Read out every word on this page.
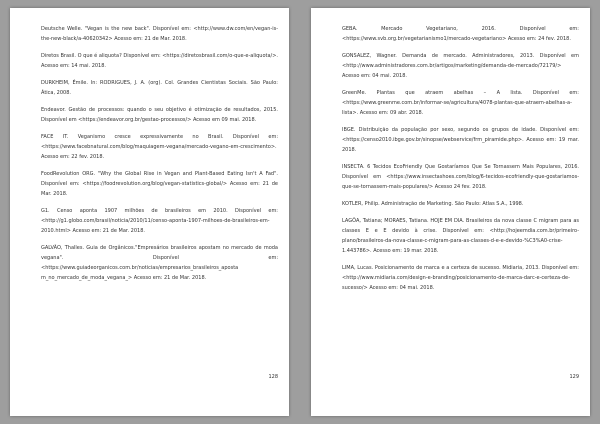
Deutsche Welle. "Vegan is the new back". Disponível em: <http://www.dw.com/en/vegan-is-the-new-black/a-40620342> Acesso em: 21 de Mar. 2018.

Diretos Brasil. O que é aliquota? Disponível em: <https://diretosbrasil.com/o-que-e-aliquota/>. Acesso em: 14 mai. 2018.

DURKHEIM, Émile. In: RODRIGUES, J. A. (org). Col. Grandes Cientistas Sociais. São Paulo: Ática, 2008.

Endeavor. Gestão de processos: quando o seu objetivo é otimização de resultados, 2015. Disponível em <https://endeavor.org.br/gestao-processos/> Acesso em 09 mai. 2018.

FACE IT. Veganismo cresce expressivamente no Brasil. Disponível em: <https://www.facebnatural.com/blog/maquiagem-vegana/mercado-vegano-em-crescimento>. Acesso em: 22 fev. 2018.

FoodRevolution ORG. "Why the Global Rise in Vegan and Plant-Based Eating Isn't A Fad". Disponível em: <https://foodrevolution.org/blog/vegan-statistics-global/> Acesso em: 21 de Mar. 2018.

G1. Censo aponta 1907 milhões de brasileiros em 2010. Disponível em: <http://g1.globo.com/brasil/noticia/2010/11/censo-aponta-1907-milhoes-de-brasileiros-em-2010.html> Acesso em: 21 de Mar. 2018.

GALVÃO, Thalles. Guia de Orgânicos."Empresários brasileiros apostam no mercado de moda vegana". Disponível em: <https://www.guiadeorganicos.com.br/noticias/empresarios_brasileiros_aposta m_no_mercado_de_moda_vegana_> Acesso em: 21 de Mar. 2018.

128

GEBA. Mercado Vegetariano, 2016. Disponível em: <https://www.svb.org.br/vegetarianismo1/mercado-vegetariano> Acesso em: 24 fev. 2018.

GONSALEZ, Wagner. Demanda de mercado. Administradores, 2013. Disponível em <http://www.administradores.com.br/artigos/marketing/demanda-de-mercado/72179/> Acesso em: 04 mai. 2018.

GreenMe. Plantas que atraem abelhas – A lista. Disponível em: <https://www.greenme.com.br/informar-se/agricultura/4078-plantas-que-atraem-abelhas-a-lista>. Acesso em: 09 abr. 2018.

IBGE. Distribuição da população por sexo, segundo os grupos de idade. Disponível em:<https://censo2010.ibge.gov.br/sinopse/webservice/frm_piramide.php>. Acesso em: 19 mar. 2018.

INSECTA. 6 Tecidos EcoFriendly Que Gostaríamos Que Se Tornassem Mais Populares, 2016. Disponível em <https://www.insectashoes.com/blog/6-tecidos-ecofriendly-que-gostariamos-que-se-tornassem-mais-populares/> Acesso 24 fev. 2018.

KOTLER, Philip. Administração de Marketing. São Paulo: Atlas S.A., 1998.

LAGÔA, Tatiana; MORAES, Tatiana. HOJE EM DIA. Brasileiros da nova classe C migram para as classes E e E devido à crise. Disponível em: <http://hojeemdia.com.br/primeiro-plano/brasileiros-da-nova-classe-c-migram-para-as-classes-d-e-e-devido-%C3%A0-crise-1.443786>. Acesso em: 19 mar. 2018.

LIMA, Lucas. Posicionamento de marca e a certeza de sucesso. Midiaria, 2013. Disponível em: <http://www.midiaria.com/design-e-branding/posicionamento-de-marca-darc-e-certeza-de-sucesso/> Acesso em: 04 mai. 2018.

129
